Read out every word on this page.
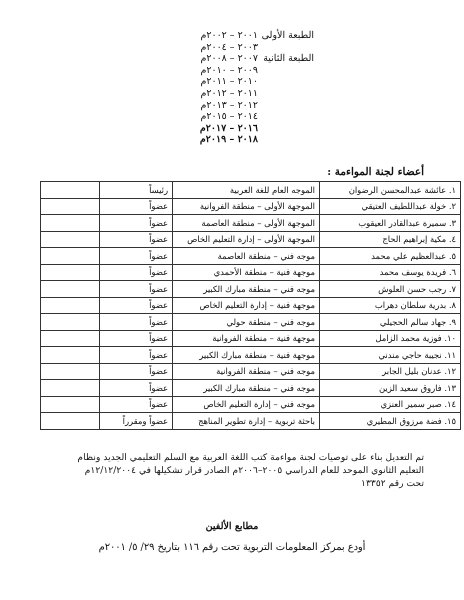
الطبعة الأولى
٢٠٠١ – ٢٠٠٢م
٢٠٠٣ – ٢٠٠٤م
الطبعة الثانية
٢٠٠٧ – ٢٠٠٨م
٢٠٠٩ – ٢٠١٠م
٢٠١٠ – ٢٠١١م
٢٠١١ – ٢٠١٢م
٢٠١٢ – ٢٠١٣م
٢٠١٤ – ٢٠١٥م
٢٠١٦ – ٢٠١٧م
٢٠١٨ – ٢٠١٩م
أعضاء لجنة المواءمة :
١. عائشة عبدالمحسن الرضوان	الموجه العام للغة العربية	رئيساً	
٢. خولة عبداللطيف العتيقي	الموجهة الأولى – منطقة الفروانية	عضواً	
٣. سميرة عبدالقادر العيقوب	الموجهة الأولى – منطقة العاصمة	عضواً	
٤. مكية إبراهيم الحاج	الموجهة الأولى – إدارة التعليم الخاص	عضواً	
٥. عبدالعظيم علي محمد	موجه فني – منطقة العاصمة	عضواً	
٦. فريدة يوسف محمد	موجهة فنية – منطقة الأحمدي	عضواً	
٧. رجب حسن العلوش	موجه فني – منطقة مبارك الكبير	عضواً	
٨. بدرية سلطان دهراب	موجهة فنية – إدارة التعليم الخاص	عضواً	
٩. جهاد سالم الحجيلي	موجه فني – منطقة حولي	عضواً	
١٠. فوزية محمد الزامل	موجهة فنية – منطقة الفروانية	عضواً	
١١. نجيبة حاجي مندني	موجهة فنية – منطقة مبارك الكبير	عضواً	
١٢. عدنان بليل الجابر	موجه فني – منطقة الفروانية	عضواً	
١٣. فاروق سعيد الزين	موجه فني – منطقة مبارك الكبير	عضواً	
١٤. صبر سمير العنزي	موجه فني – إدارة التعليم الخاص	عضواً	
١٥. فضة مرزوق المطيري	باحثة تربوية – إدارة تطوير المناهج	عضواً ومقرراً	
تم التعديل بناء على توصيات لجنة مواءمة كتب اللغة العربية مع السلم التعليمي الجديد ونظام
التعليم الثانوي الموحد للعام الدراسي ٢٠٠٥–٢٠٠٦م الصادر قرار تشكيلها في ١٢/١٢/٢٠٠٤م
تحت رقم ١٣٣٥٢
مطابع الألفين
أودع بمركز المعلومات التربوية تحت رقم ١١٦ بتاريخ ٢٩/ ٥/ ٢٠٠١م
